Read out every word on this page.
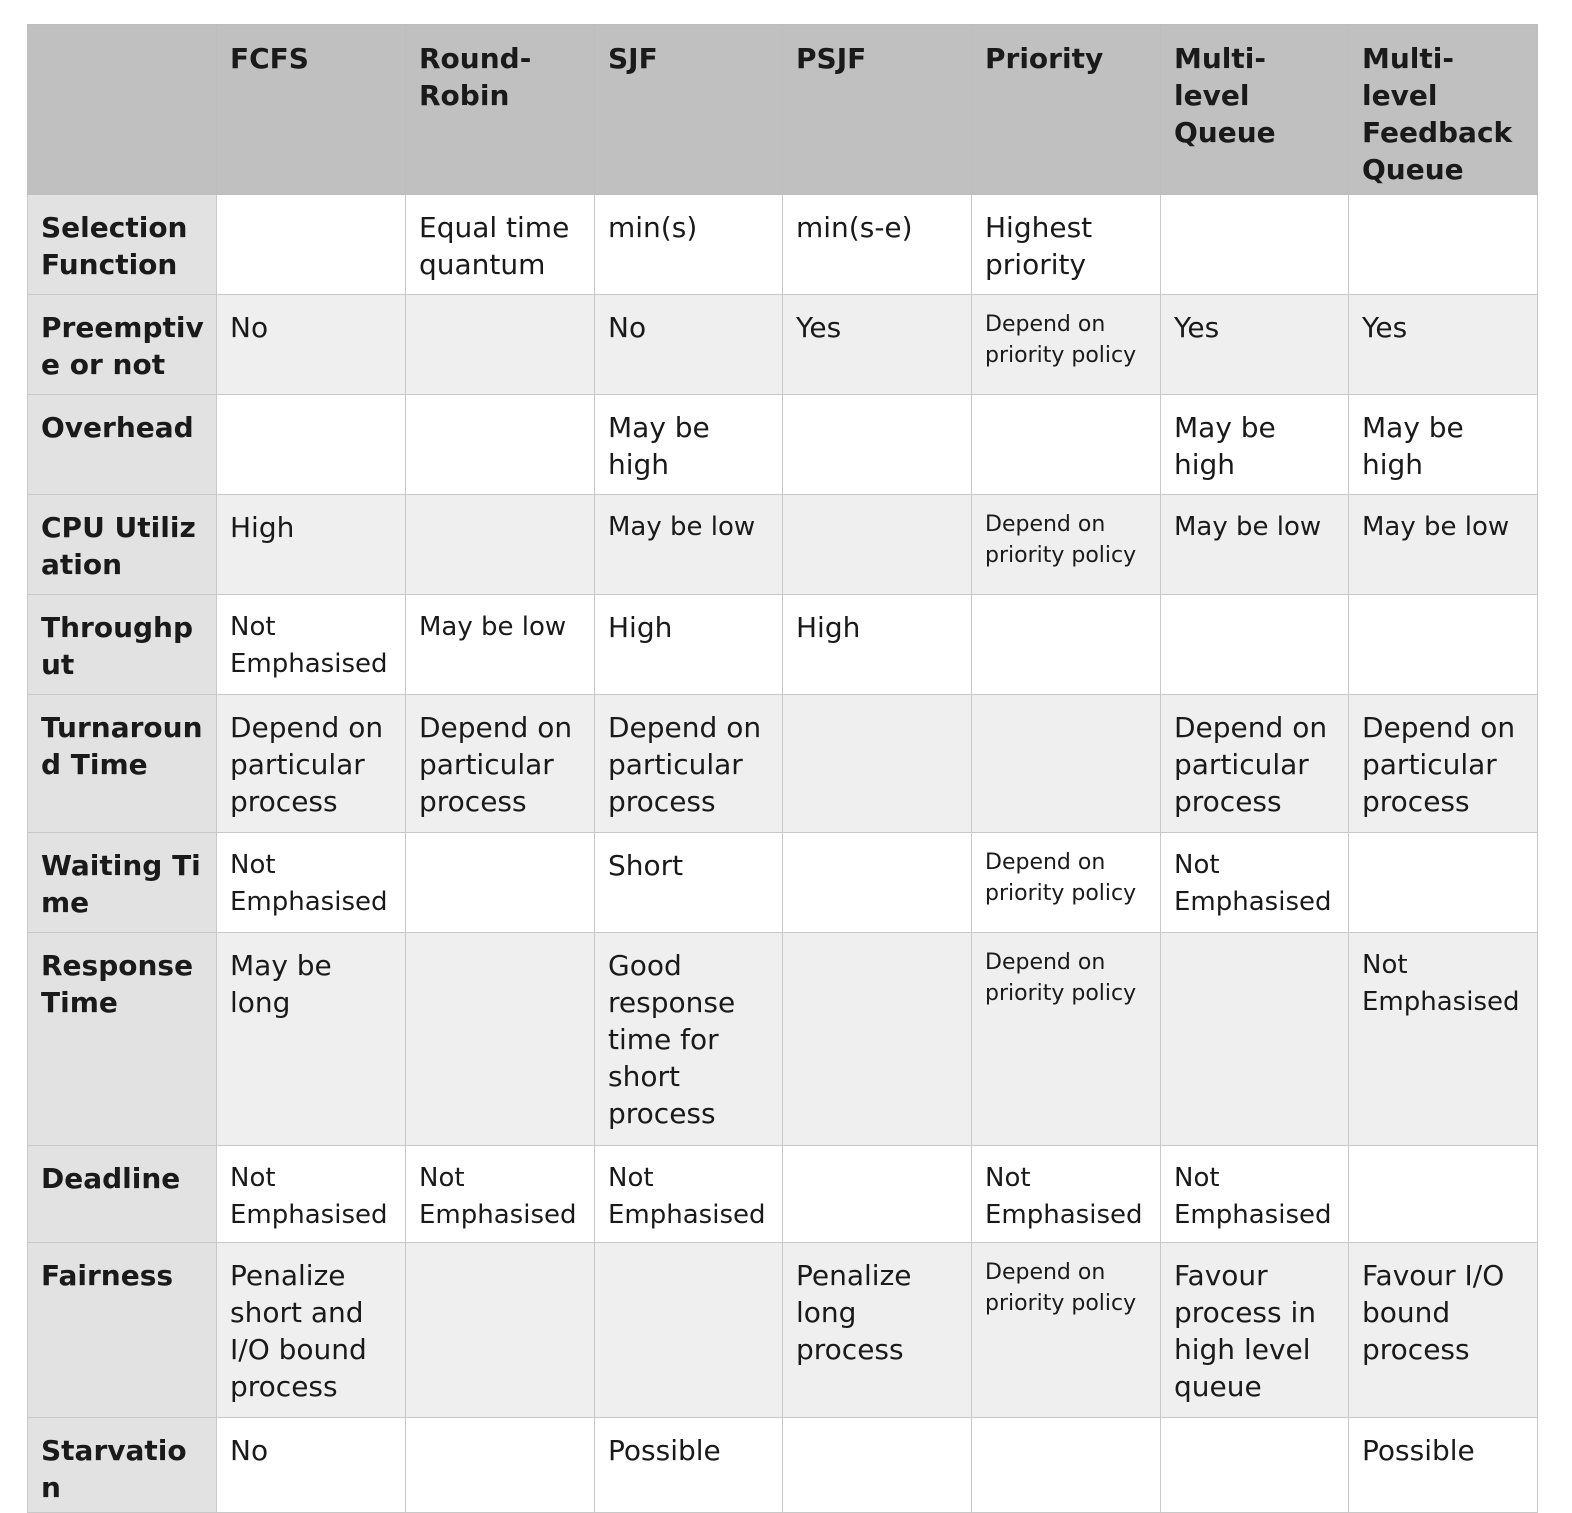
	FCFS	Round-Robin	SJF	PSJF	Priority	Multi-level Queue	Multi-level Feedback Queue
Selection Function		Equal time quantum	min(s)	min(s-e)	Highest priority		
Preemptive or not	No		No	Yes	Depend on priority policy	Yes	Yes
Overhead			May be high			May be high	May be high
CPU Utilization	High		May be low		Depend on priority policy	May be low	May be low
Throughput	Not Emphasised	May be low	High	High			
Turnaround Time	Depend on particular process	Depend on particular process	Depend on particular process			Depend on particular process	Depend on particular process
Waiting Time	Not Emphasised		Short		Depend on priority policy	Not Emphasised	
Response Time	May be long		Good response time for short process		Depend on priority policy		Not Emphasised
Deadline	Not Emphasised	Not Emphasised	Not Emphasised		Not Emphasised	Not Emphasised	
Fairness	Penalize short and I/O bound process			Penalize long process	Depend on priority policy	Favour process in high level queue	Favour I/O bound process
Starvation	No		Possible				Possible
